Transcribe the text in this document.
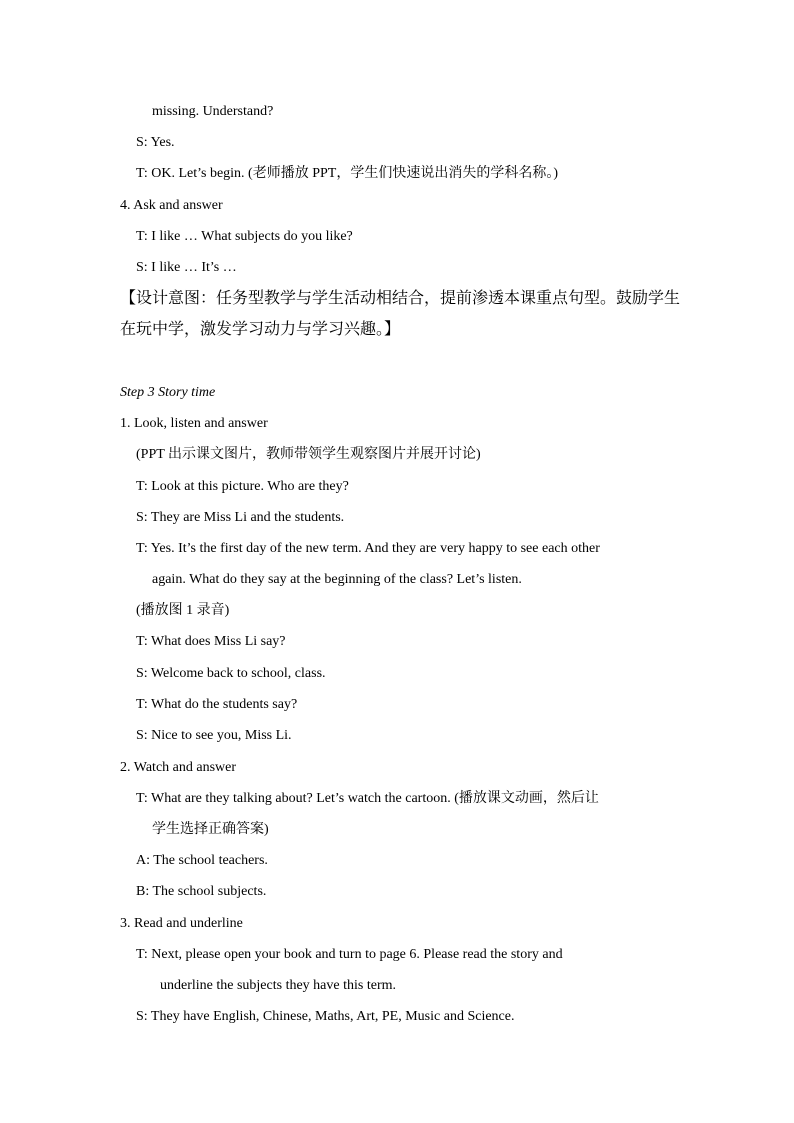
missing. Understand?
S: Yes.
T: OK. Let’s begin. (老师播放 PPT，学生们快速说出消失的学科名称。)
4. Ask and answer
T: I like … What subjects do you like?
S: I like … It’s …
【设计意图：任务型教学与学生活动相结合，提前渗透本课重点句型。鼓励学生
在玩中学，激发学习动力与学习兴趣。】
Step 3 Story time
1. Look, listen and answer
(PPT 出示课文图片，教师带领学生观察图片并展开讨论)
T: Look at this picture. Who are they?
S: They are Miss Li and the students.
T: Yes. It’s the first day of the new term. And they are very happy to see each other
again. What do they say at the beginning of the class? Let’s listen.
(播放图 1 录音)
T: What does Miss Li say?
S: Welcome back to school, class.
T: What do the students say?
S: Nice to see you, Miss Li.
2. Watch and answer
T: What are they talking about? Let’s watch the cartoon. (播放课文动画，然后让
学生选择正确答案)
A: The school teachers.
B: The school subjects.
3. Read and underline
T: Next, please open your book and turn to page 6. Please read the story and
underline the subjects they have this term.
S: They have English, Chinese, Maths, Art, PE, Music and Science.
